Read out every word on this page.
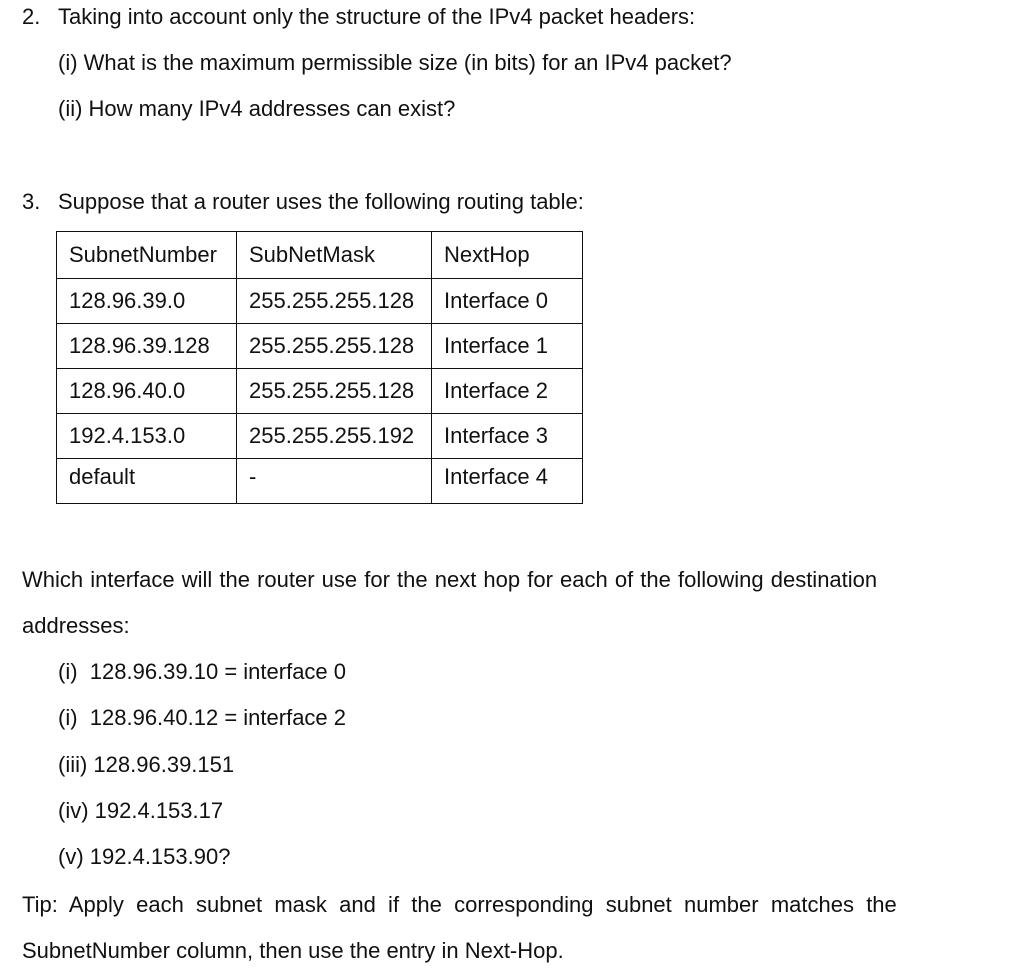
2. Taking into account only the structure of the IPv4 packet headers:
(i) What is the maximum permissible size (in bits) for an IPv4 packet?
(ii) How many IPv4 addresses can exist?
3. Suppose that a router uses the following routing table:
SubnetNumber	SubNetMask	NextHop
128.96.39.0	255.255.255.128	Interface 0
128.96.39.128	255.255.255.128	Interface 1
128.96.40.0	255.255.255.128	Interface 2
192.4.153.0	255.255.255.192	Interface 3
default	-	Interface 4
Which interface will the router use for the next hop for each of the following destination
addresses:
(i)  128.96.39.10 = interface 0
(i)  128.96.40.12 = interface 2
(iii) 128.96.39.151
(iv) 192.4.153.17
(v) 192.4.153.90?
Tip:  Apply  each  subnet  mask  and  if  the  corresponding  subnet  number  matches  the
SubnetNumber column, then use the entry in Next-Hop.
